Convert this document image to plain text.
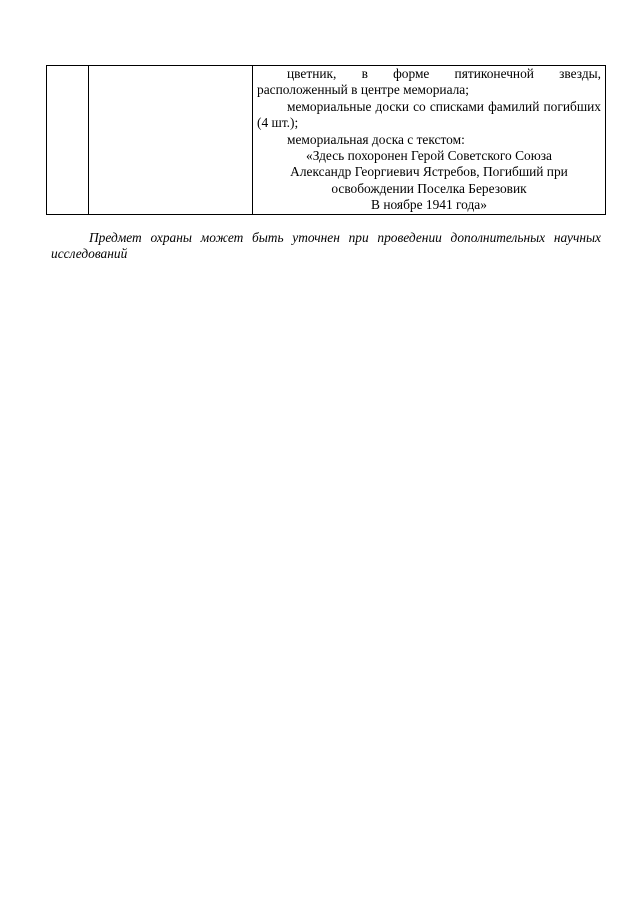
цветник, в форме пятиконечной звезды, расположенный в центре мемориала;

мемориальные доски со списками фамилий погибших (4 шт.);

мемориальная доска с текстом:

«Здесь похоронен Герой Советского Союза

Александр Георгиевич Ястребов, Погибший при

освобождении Поселка Березовик

В ноябре 1941 года»

Предмет охраны может быть уточнен при проведении дополнительных научных исследований
